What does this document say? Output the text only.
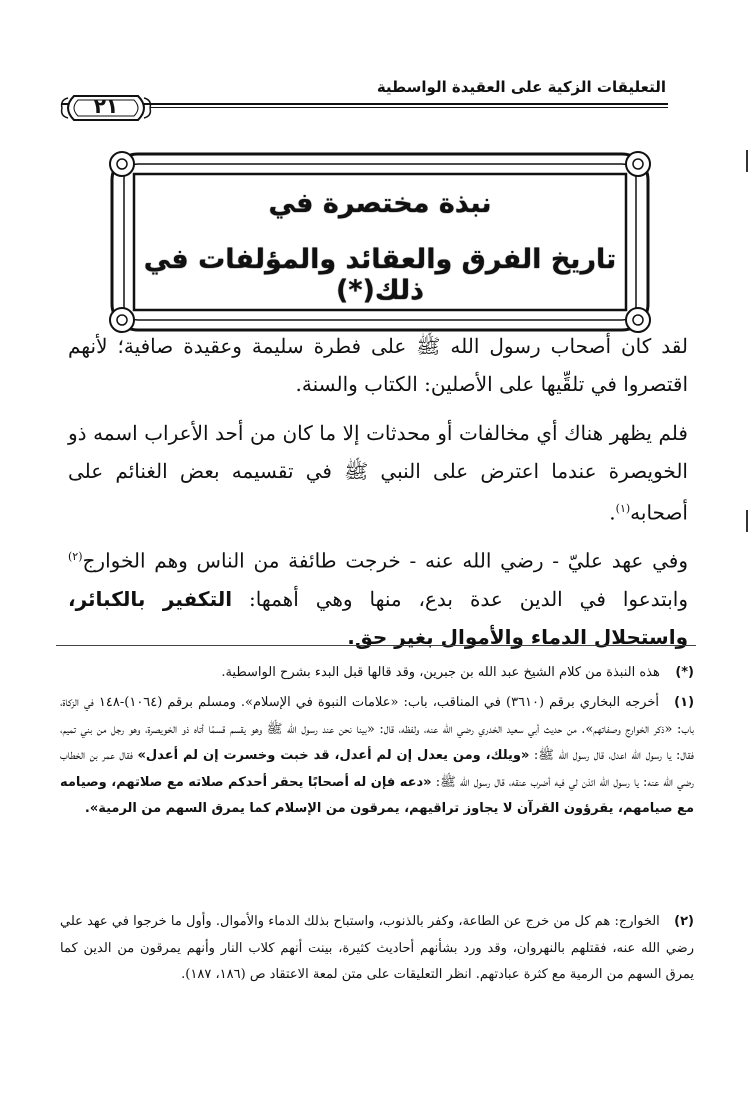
التعليقات الزكية على العقيدة الواسطية
٢١
نبذة مختصرة في
تاريخ الفرق والعقائد والمؤلفات في ذلك(*)
لقد كان أصحاب رسول الله ﷺ على فطرة سليمة وعقيدة صافية؛ لأنهم اقتصروا في تلقِّيها على الأصلين: الكتاب والسنة.
فلم يظهر هناك أي مخالفات أو محدثات إلا ما كان من أحد الأعراب اسمه ذو الخويصرة عندما اعترض على النبي ﷺ في تقسيمه بعض الغنائم على أصحابه$^{(١)}$.
وفي عهد عليّ - رضي الله عنه - خرجت طائفة من الناس وهم الخوارج$^{(٢)}$ وابتدعوا في الدين عدة بدع، منها وهي أهمها: التكفير بالكبائر، واستحلال الدماء والأموال بغير حق.
(*) هذه النبذة من كلام الشيخ عبد الله بن جبرين، وقد قالها قبل البدء بشرح الواسطية.
(١) أخرجه البخاري برقم (٣٦١٠) في المناقب، باب: «علامات النبوة في الإسلام». ومسلم برقم (١٠٦٤)-١٤٨ في الزكاة، باب: «ذكر الخوارج وصفاتهم». من حديث أبي سعيد الخدري رضي الله عنه، ولفظه، قال: «بينا نحن عند رسول الله ﷺ وهو يقسم قسمًا أتاه ذو الخويصرة، وهو رجل من بني تميم، فقال: يا رسول الله اعدل، قال رسول الله ﷺ: «ويلك، ومن يعدل إن لم أعدل، قد خبت وخسرت إن لم أعدل» فقال عمر بن الخطاب رضي الله عنه: يا رسول الله ائذن لي فيه أضرب عنقه، قال رسول الله ﷺ: «دعه فإن له أصحابًا يحقر أحدكم صلاته مع صلاتهم، وصيامه مع صيامهم، يقرؤون القرآن لا يجاوز تراقيهم، يمرقون من الإسلام كما يمرق السهم من الرمية».
(٢) الخوارج: هم كل من خرج عن الطاعة، وكفر بالذنوب، واستباح بذلك الدماء والأموال. وأول ما خرجوا في عهد علي رضي الله عنه، فقتلهم بالنهروان، وقد ورد بشأنهم أحاديث كثيرة، بينت أنهم كلاب النار وأنهم يمرقون من الدين كما يمرق السهم من الرمية مع كثرة عبادتهم. انظر التعليقات على متن لمعة الاعتقاد ص (١٨٦، ١٨٧).
